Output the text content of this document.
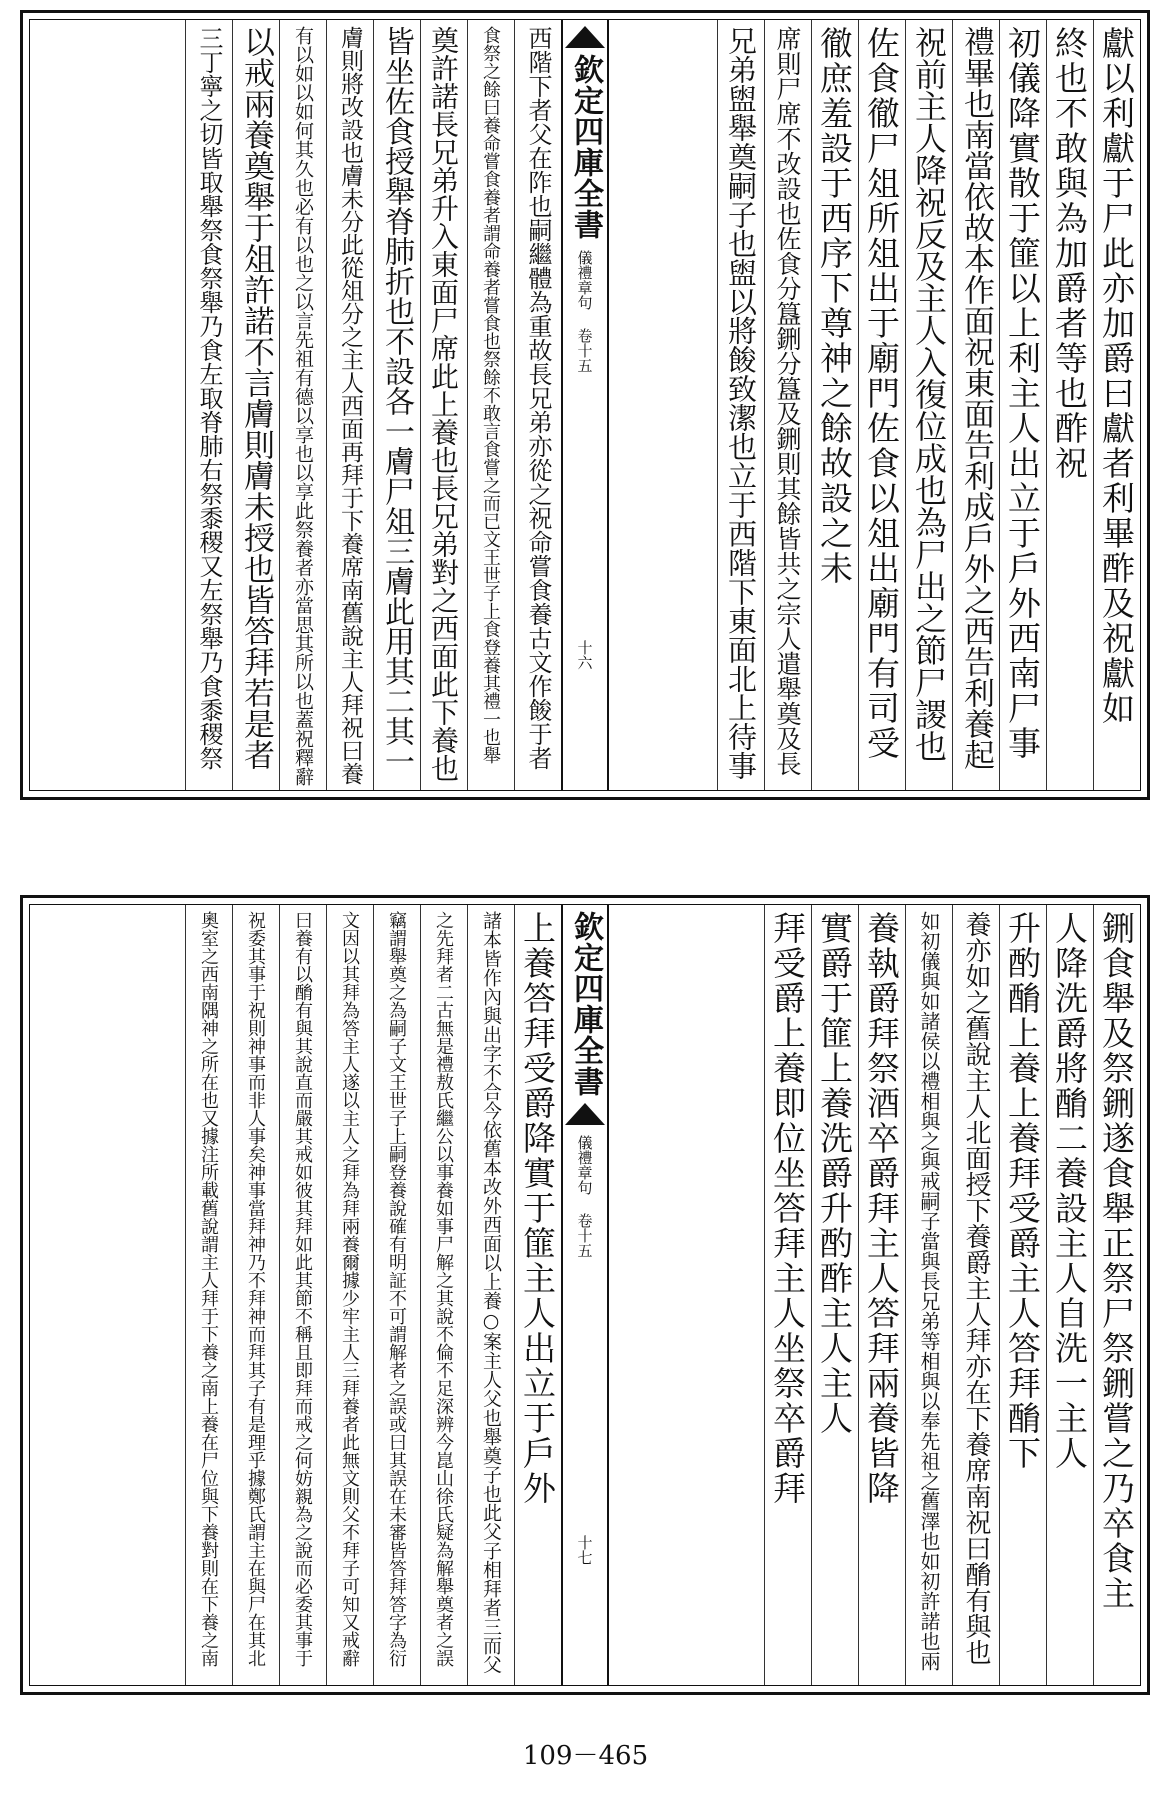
獻以利獻于尸此亦加爵曰獻者利畢酢及祝獻如
終也不敢與為加爵者等也酢祝
初儀降實散于篚以上利主人出立于戶外西南尸事
禮畢也南當依故本作面祝東面告利成戶外之西告利養起
祝前主人降祝反及主人入復位成也為尸出之節尸謖也
佐食徹尸俎所俎出于廟門佐食以俎出廟門有司受
徹庶羞設于西序下尊神之餘故設之未
席則尸席不改設也佐食分簋鉶分簋及鉶則其餘皆共之宗人遣舉奠及長
兄弟盥舉奠嗣子也盥以將餕致潔也立于西階下東面北上待事
欽定四庫全書
儀禮章句 卷十五
十六
西階下者父在阼也嗣繼體為重故長兄弟亦從之祝命嘗食養古文作餕于者
食祭之餘曰養命嘗食養者謂命養者嘗食也祭餘不敢言食嘗之而已文王世子上食登養其禮一也舉
奠許諾長兄弟升入東面尸席此上養也長兄弟對之西面此下養也
皆坐佐食授舉脊肺折也不設各一膚尸俎三膚此用其二其一
膚則將改設也膚未分此從俎分之主人西面再拜于下養席南舊說主人拜祝曰養
有以如以如何其久也必有以也之以言先祖有德以享也以享此祭養者亦當思其所以也蓋祝釋辭
以戒兩養奠舉于俎許諾不言膚則膚未授也皆答拜若是者
三丁寧之切皆取舉祭食祭舉乃食左取脊肺右祭黍稷又左祭舉乃食黍稷祭
鉶食舉及祭鉶遂食舉正祭尸祭鉶嘗之乃卒食主
人降洗爵將酳二養設主人自洗一主人
升酌酳上養上養拜受爵主人答拜酳下
養亦如之舊說主人北面授下養爵主人拜亦在下養席南祝曰酳有與也
如初儀與如諸侯以禮相與之與戒嗣子當與長兄弟等相與以奉先祖之舊澤也如初許諾也兩
養執爵拜祭酒卒爵拜主人答拜兩養皆降
實爵于篚上養洗爵升酌酢主人主人
拜受爵上養即位坐答拜主人坐祭卒爵拜
欽定四庫全書
儀禮章句 卷十五
十七
上養答拜受爵降實于篚主人出立于戶外
諸本皆作內與出字不合今依舊本改外西面以上養○案主人父也舉奠子也此父子相拜者三而父
之先拜者二古無是禮敖氏繼公以事養如事尸解之其說不倫不足深辨今崑山徐氏疑為解舉奠者之誤
竊謂舉奠之為嗣子文王世子上嗣登養說確有明証不可謂解者之誤或曰其誤在未審皆答拜答字為衍
文因以其拜為答主人遂以主人之拜為拜兩養爾據少牢主人三拜養者此無文則父不拜子可知又戒辭
曰養有以酳有與其說直而嚴其戒如彼其拜如此其節不稱且即拜而戒之何妨親為之說而必委其事于
祝委其事于祝則神事而非人事矣神事當拜神乃不拜神而拜其子有是理乎據鄭氏謂主在與尸在其北
奧室之西南隅神之所在也又據注所載舊說謂主人拜于下養之南上養在尸位與下養對則在下養之南
109－465
